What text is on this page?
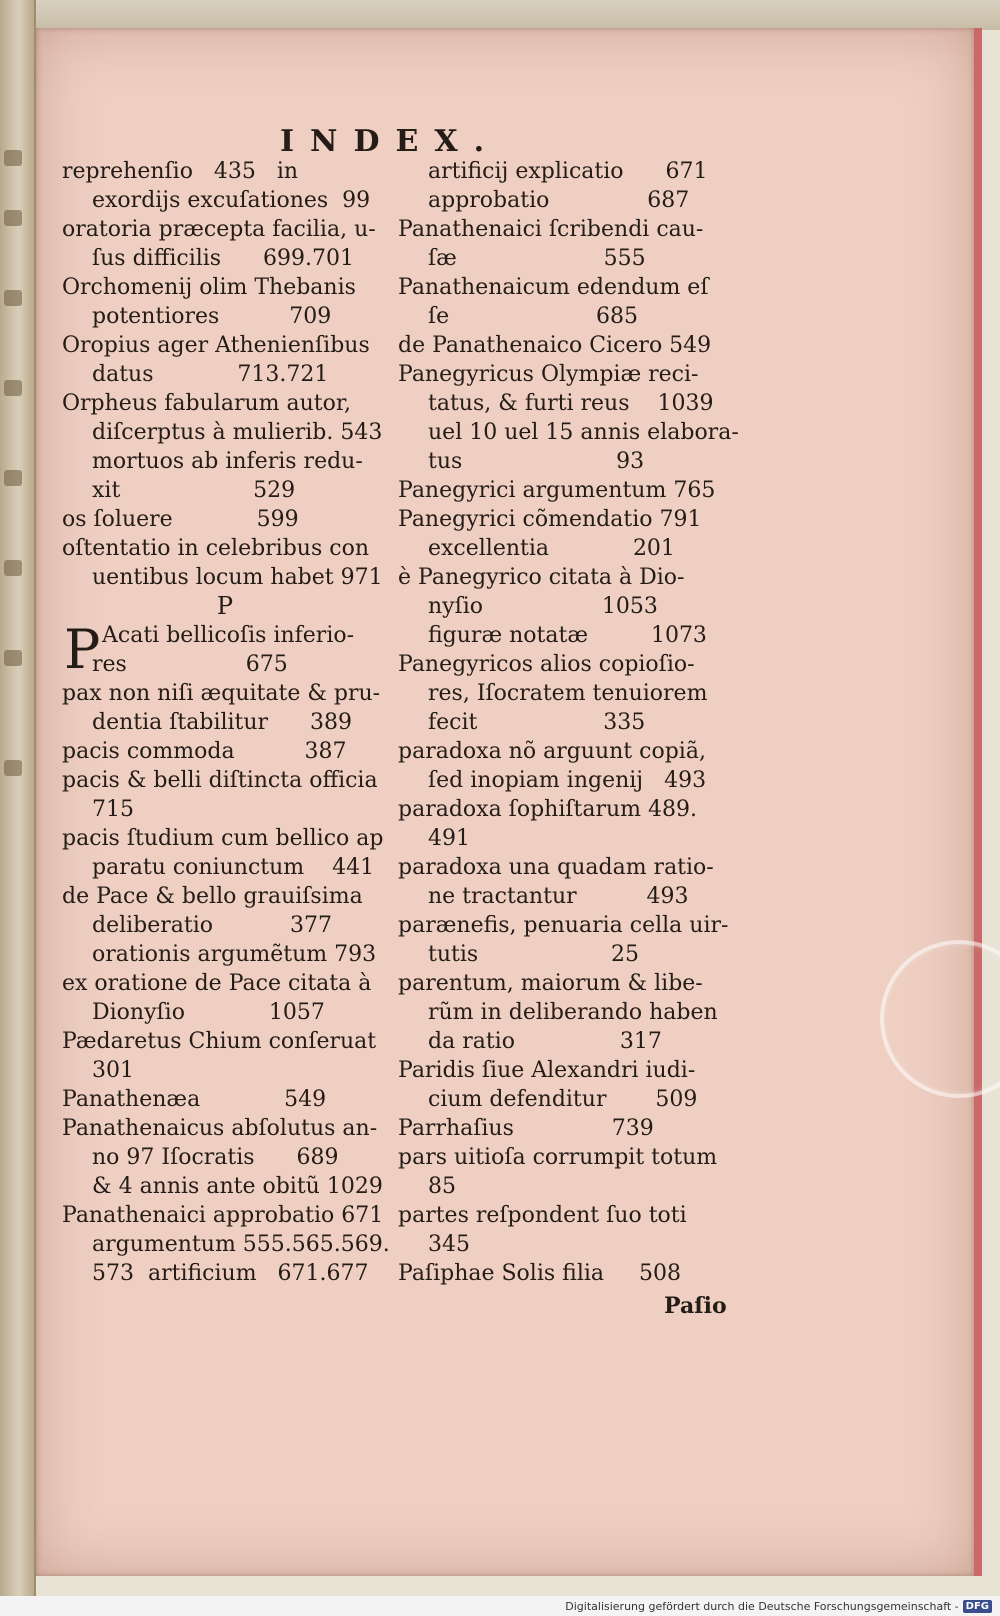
INDEX.
reprehenſio   435   in
exordijs excuſationes  99
oratoria præcepta facilia, u-
ſus difficilis      699.701
Orchomenij olim Thebanis
potentiores          709
Oropius ager Athenienſibus
datus            713.721
Orpheus fabularum autor,
diſcerptus à mulierib. 543
mortuos ab inferis redu-
xit                   529
os ſoluere            599
oſtentatio in celebribus con
uentibus locum habet 971
P
P Acati bellicoſis inferio-
res                 675
pax non niſi æquitate & pru-
dentia ſtabilitur      389
pacis commoda          387
pacis & belli diſtincta officia
715
pacis ſtudium cum bellico ap
paratu coniunctum    441
de Pace & bello grauiſsima
deliberatio           377
orationis argumẽtum 793
ex oratione de Pace citata à
Dionyſio            1057
Pædaretus Chium conſeruat
301
Panathenæa            549
Panathenaicus abſolutus an-
no 97 Iſocratis      689
& 4 annis ante obitũ 1029
Panathenaici approbatio 671
argumentum 555.565.569.
573  artificium   671.677
artificij explicatio      671
approbatio              687
Panathenaici ſcribendi cau-
ſæ                     555
Panathenaicum edendum eſ
ſe                     685
de Panathenaico Cicero 549
Panegyricus Olympiæ reci-
tatus, & furti reus    1039
uel 10 uel 15 annis elabora-
tus                      93
Panegyrici argumentum 765
Panegyrici cõmendatio 791
excellentia            201
è Panegyrico citata à Dio-
nyſio                 1053
figuræ notatæ         1073
Panegyricos alios copioſio-
res, Iſocratem tenuiorem
fecit                  335
paradoxa nõ arguunt copiã,
ſed inopiam ingenij   493
paradoxa ſophiſtarum 489.
491
paradoxa una quadam ratio-
ne tractantur          493
parænefis, penuaria cella uir-
tutis                   25
parentum, maiorum & libe-
rũm in deliberando haben
da ratio               317
Paridis ſiue Alexandri iudi-
cium defenditur       509
Parrhaſius              739
pars uitioſa corrumpit totum
85
partes reſpondent ſuo toti
345
Paſiphae Solis filia     508

Paſio

Digitalisierung gefördert durch die Deutsche Forschungsgemeinschaft - DFG
